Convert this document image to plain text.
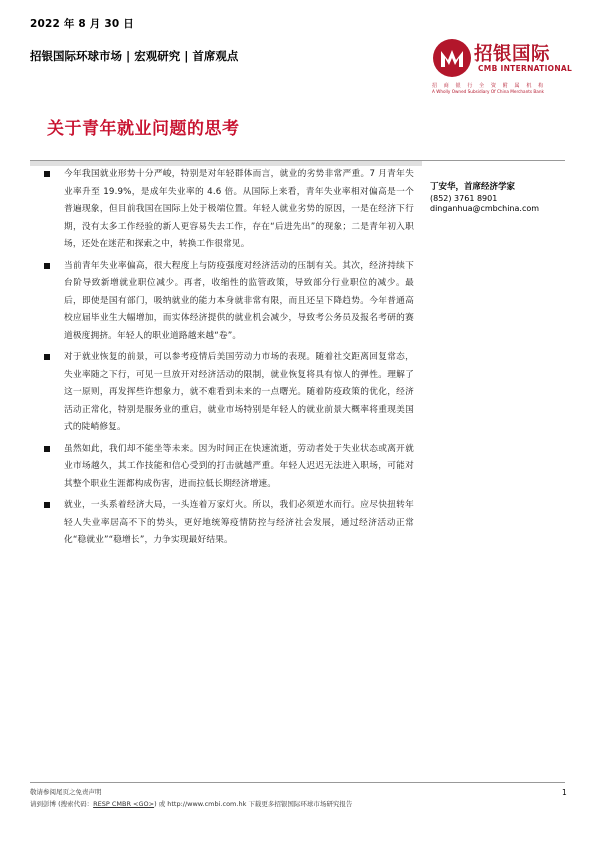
2022 年 8 月 30 日
招银国际环球市场 | 宏观研究 | 首席观点	招银国际
CMB INTERNATIONAL
招 商 银 行 全 资 附 属 机 构
A Wholly Owned Subsidiary Of China Merchants Bank
关于青年就业问题的思考
今年我国就业形势十分严峻，特别是对年轻群体而言，就业的劣势非常严重。7 月青年失业率升至 19.9%，是成年失业率的 4.6 倍。从国际上来看，青年失业率相对偏高是一个普遍现象，但目前我国在国际上处于极端位置。年轻人就业劣势的原因，一是在经济下行期，没有太多工作经验的新人更容易失去工作，存在“后进先出”的现象；二是青年初入职场，还处在迷茫和探索之中，转换工作很常见。
当前青年失业率偏高，很大程度上与防疫强度对经济活动的压制有关。其次，经济持续下台阶导致新增就业职位减少。再者，收缩性的监管政策，导致部分行业职位的减少。最后，即使是国有部门，吸纳就业的能力本身就非常有限，而且还呈下降趋势。今年普通高校应届毕业生大幅增加，而实体经济提供的就业机会减少，导致考公务员及报名考研的赛道极度拥挤。年轻人的职业道路越来越“卷”。
对于就业恢复的前景，可以参考疫情后美国劳动力市场的表现。随着社交距离回复常态，失业率随之下行，可见一旦放开对经济活动的限制，就业恢复将具有惊人的弹性。理解了这一原则，再发挥些许想象力，就不难看到未来的一点曙光。随着防疫政策的优化，经济活动正常化，特别是服务业的重启，就业市场特别是年轻人的就业前景大概率将重现美国式的陡峭修复。
虽然如此，我们却不能坐等未来。因为时间正在快速流逝，劳动者处于失业状态或离开就业市场越久，其工作技能和信心受到的打击就越严重。年轻人迟迟无法进入职场，可能对其整个职业生涯都构成伤害，进而拉低长期经济增速。
就业，一头系着经济大局，一头连着万家灯火。所以，我们必须逆水而行。应尽快扭转年轻人失业率居高不下的势头，更好地统筹疫情防控与经济社会发展，通过经济活动正常化“稳就业”“稳增长”，力争实现最好结果。
丁安华，首席经济学家
(852) 3761 8901
dinganhua@cmbchina.com
敬请参阅尾页之免责声明
请到彭博 (搜索代码：RESP CMBR <GO>) 或 http://www.cmbi.com.hk 下载更多招银国际环球市场研究报告
1
